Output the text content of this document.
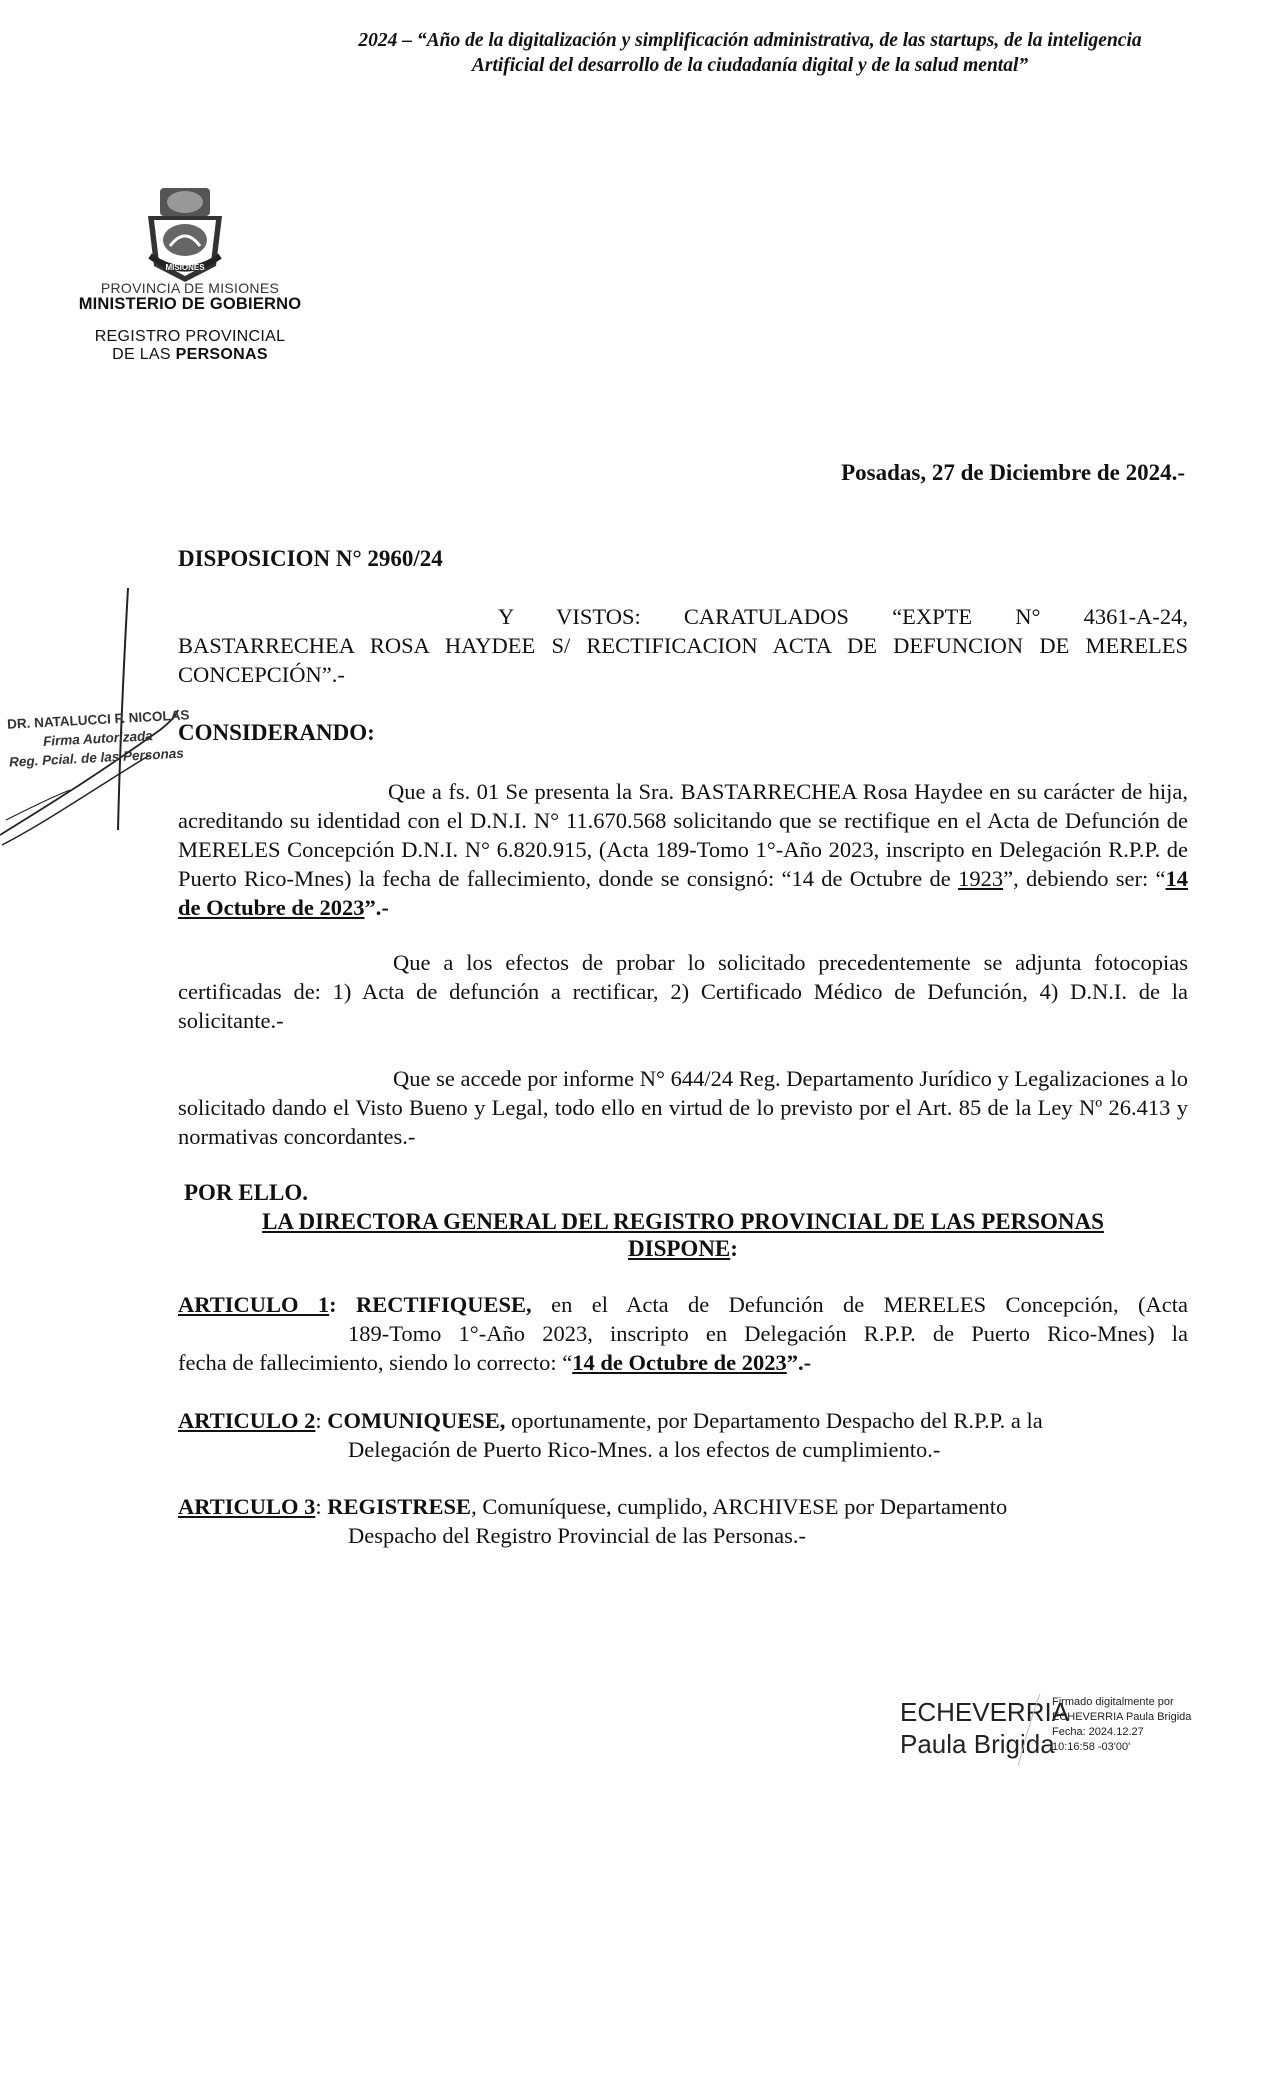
2024 – “Año de la digitalización y simplificación administrativa, de las startups, de la inteligencia
Artificial del desarrollo de la ciudadanía digital y de la salud mental”
MISIONES
PROVINCIA DE MISIONES
MINISTERIO DE GOBIERNO
REGISTRO PROVINCIAL
DE LAS PERSONAS
Posadas, 27 de Diciembre de 2024.-
DISPOSICION N° 2960/24
Y VISTOS: CARATULADOS “EXPTE N° 4361-A-24,
BASTARRECHEA ROSA HAYDEE S/ RECTIFICACION ACTA DE DEFUNCION DE MERELES CONCEPCIÓN”.-
CONSIDERANDO:
Que a fs. 01 Se presenta la Sra. BASTARRECHEA Rosa Haydee en su carácter de hija, acreditando su identidad con el D.N.I. N° 11.670.568 solicitando que se rectifique en el Acta de Defunción de MERELES Concepción D.N.I. N° 6.820.915, (Acta 189-Tomo 1°-Año 2023, inscripto en Delegación R.P.P. de Puerto Rico-Mnes) la fecha de fallecimiento, donde se consignó: “14 de Octubre de 1923”, debiendo ser: “14 de Octubre de 2023”.-
Que a los efectos de probar lo solicitado precedentemente se adjunta fotocopias certificadas de: 1) Acta de defunción a rectificar, 2) Certificado Médico de Defunción, 4) D.N.I. de la solicitante.-
Que se accede por informe N° 644/24 Reg. Departamento Jurídico y Legalizaciones a lo solicitado dando el Visto Bueno y Legal, todo ello en virtud de lo previsto por el Art. 85 de la Ley Nº 26.413 y normativas concordantes.-
POR ELLO.
LA DIRECTORA GENERAL DEL REGISTRO PROVINCIAL DE LAS PERSONAS
DISPONE:
ARTICULO 1: RECTIFIQUESE, en el Acta de Defunción de MERELES Concepción, (Acta
189-Tomo 1°-Año 2023, inscripto en Delegación R.P.P. de Puerto Rico-Mnes) la
fecha de fallecimiento, siendo lo correcto: “14 de Octubre de 2023”.-
ARTICULO 2: COMUNIQUESE, oportunamente, por Departamento Despacho del R.P.P. a la
Delegación de Puerto Rico-Mnes. a los efectos de cumplimiento.-
ARTICULO 3: REGISTRESE, Comuníquese, cumplido, ARCHIVESE por Departamento
Despacho del Registro Provincial de las Personas.-
DR. NATALUCCI F. NICOLAS
Firma Autorizada
Reg. Pcial. de las Personas
ECHEVERRIA
Paula Brigida
Firmado digitalmente por
ECHEVERRIA Paula Brigida
Fecha: 2024.12.27
10:16:58 -03'00'
